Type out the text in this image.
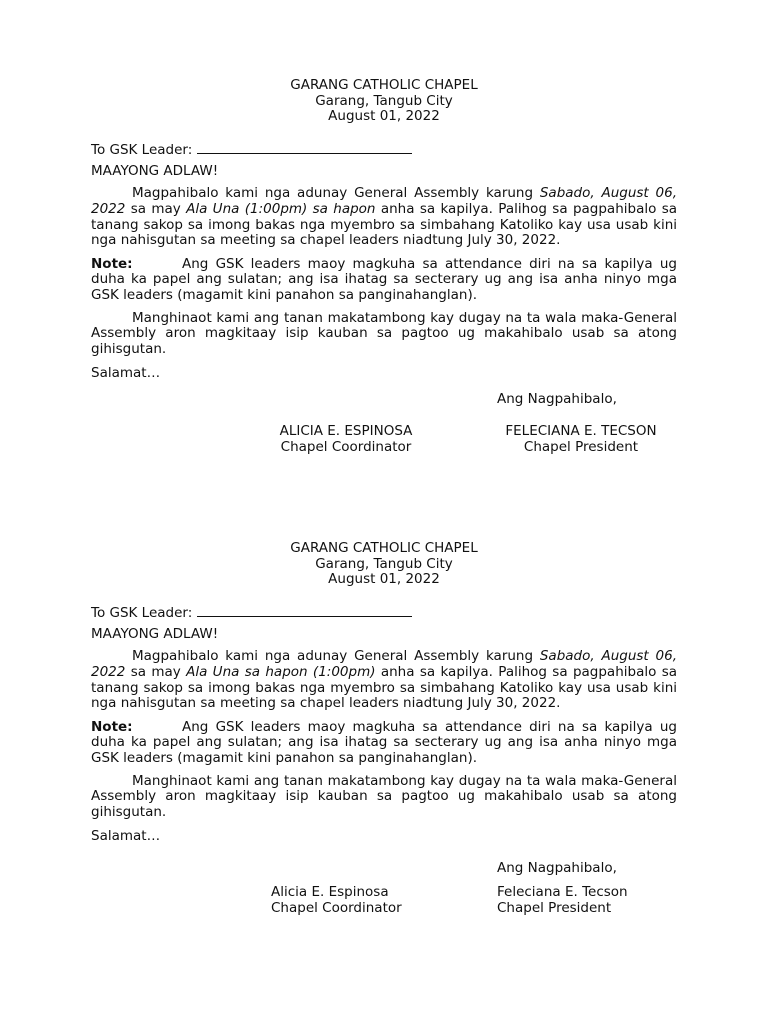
GARANG CATHOLIC CHAPEL
Garang, Tangub City
August 01, 2022
To GSK Leader:
MAAYONG ADLAW!
Magpahibalo kami nga adunay General Assembly karung Sabado, August 06, 2022 sa may Ala Una (1:00pm) sa hapon anha sa kapilya. Palihog sa pagpahibalo sa tanang sakop sa imong bakas nga myembro sa simbahang Katoliko kay usa usab kini nga nahisgutan sa meeting sa chapel leaders niadtung July 30, 2022.
Note:	Ang GSK leaders maoy magkuha sa attendance diri na sa kapilya ug duha ka papel ang sulatan; ang isa ihatag sa secterary ug ang isa anha ninyo mga GSK leaders (magamit kini panahon sa panginahanglan).
Manghinaot kami ang tanan makatambong kay dugay na ta wala maka-General Assembly aron magkitaay isip kauban sa pagtoo ug makahibalo usab sa atong gihisgutan.
Salamat…
Ang Nagpahibalo,
ALICIA E. ESPINOSA
Chapel Coordinator
FELECIANA E. TECSON
Chapel President
GARANG CATHOLIC CHAPEL
Garang, Tangub City
August 01, 2022
To GSK Leader:
MAAYONG ADLAW!
Magpahibalo kami nga adunay General Assembly karung Sabado, August 06, 2022 sa may Ala Una sa hapon (1:00pm) anha sa kapilya. Palihog sa pagpahibalo sa tanang sakop sa imong bakas nga myembro sa simbahang Katoliko kay usa usab kini nga nahisgutan sa meeting sa chapel leaders niadtung July 30, 2022.
Note:	Ang GSK leaders maoy magkuha sa attendance diri na sa kapilya ug duha ka papel ang sulatan; ang isa ihatag sa secterary ug ang isa anha ninyo mga GSK leaders (magamit kini panahon sa panginahanglan).
Manghinaot kami ang tanan makatambong kay dugay na ta wala maka-General Assembly aron magkitaay isip kauban sa pagtoo ug makahibalo usab sa atong gihisgutan.
Salamat…
Ang Nagpahibalo,
Alicia E. Espinosa
Chapel Coordinator
Feleciana E. Tecson
Chapel President
